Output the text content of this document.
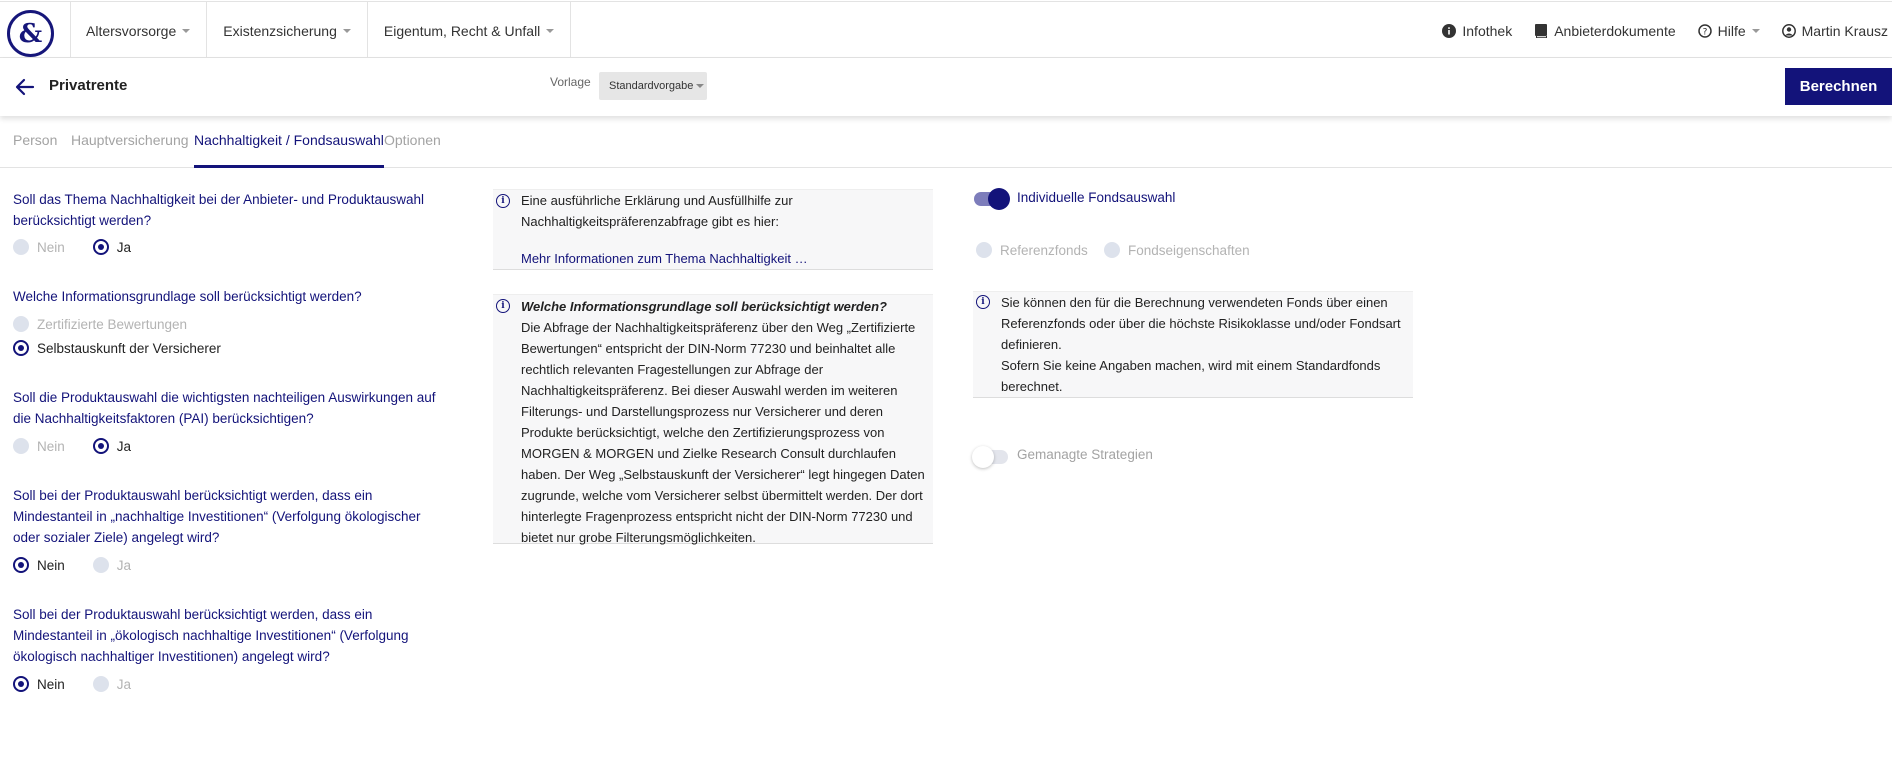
&	Altersvorsorge	Existenzsicherung	Eigentum, Recht & Unfall	Infothek	Anbieterdokumente	? Hilfe	Martin Krausz
Privatrente	Vorlage Standardvorgabe	Berechnen
Person Hauptversicherung Nachhaltigkeit / Fondsauswahl Optionen
Soll das Thema Nachhaltigkeit bei der Anbieter- und Produktauswahl berücksichtigt werden?
Nein	Ja
Welche Informationsgrundlage soll berücksichtigt werden?
Zertifizierte Bewertungen
Selbstauskunft der Versicherer
Soll die Produktauswahl die wichtigsten nachteiligen Auswirkungen auf die Nachhaltigkeitsfaktoren (PAI) berücksichtigen?
Nein	Ja
Soll bei der Produktauswahl berücksichtigt werden, dass ein Mindestanteil in „nachhaltige Investitionen“ (Verfolgung ökologischer oder sozialer Ziele) angelegt wird?
Nein	Ja
Soll bei der Produktauswahl berücksichtigt werden, dass ein Mindestanteil in „ökologisch nachhaltige Investitionen“ (Verfolgung ökologisch nachhaltiger Investitionen) angelegt wird?
Nein	Ja
i	Eine ausführliche Erklärung und Ausfüllhilfe zur Nachhaltigkeitspräferenzabfrage gibt es hier:
Mehr Informationen zum Thema Nachhaltigkeit …
i	Welche Informationsgrundlage soll berücksichtigt werden?
Die Abfrage der Nachhaltigkeitspräferenz über den Weg „Zertifizierte Bewertungen“ entspricht der DIN-Norm 77230 und beinhaltet alle rechtlich relevanten Fragestellungen zur Abfrage der Nachhaltigkeitspräferenz. Bei dieser Auswahl werden im weiteren Filterungs- und Darstellungsprozess nur Versicherer und deren Produkte berücksichtigt, welche den Zertifizierungsprozess von MORGEN & MORGEN und Zielke Research Consult durchlaufen haben. Der Weg „Selbstauskunft der Versicherer“ legt hingegen Daten zugrunde, welche vom Versicherer selbst übermittelt werden. Der dort hinterlegte Fragenprozess entspricht nicht der DIN-Norm 77230 und bietet nur grobe Filterungsmöglichkeiten.
Individuelle Fondsauswahl
Referenzfonds	Fondseigenschaften
i	Sie können den für die Berechnung verwendeten Fonds über einen Referenzfonds oder über die höchste Risikoklasse und/oder Fondsart definieren.
Sofern Sie keine Angaben machen, wird mit einem Standardfonds berechnet.
Gemanagte Strategien
